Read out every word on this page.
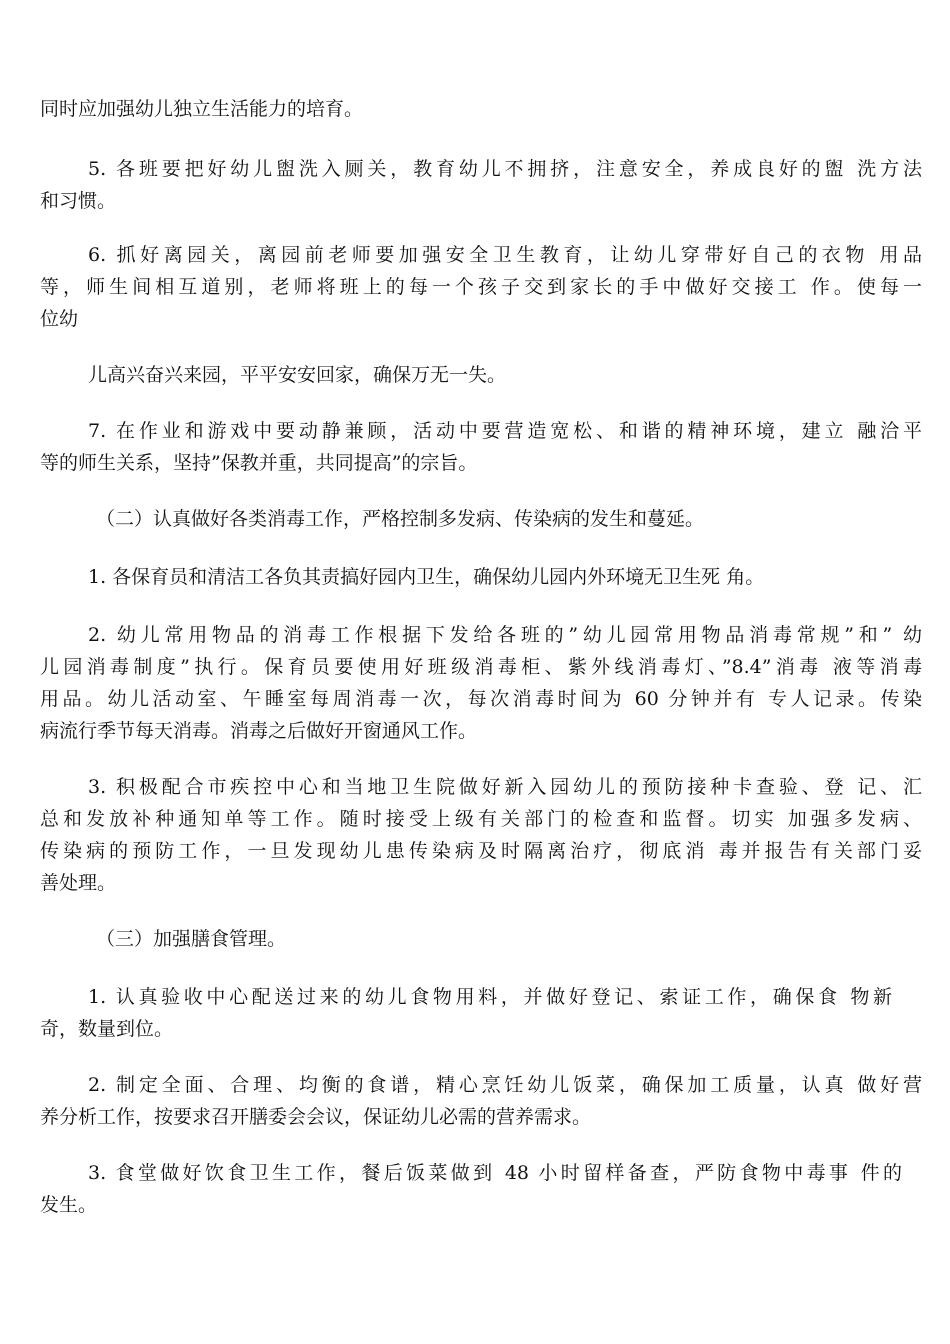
同时应加强幼儿独立生活能力的培育。
5. 各班要把好幼儿盥洗入厕关，教育幼儿不拥挤，注意安全，养成良好的盥 洗方法
和习惯。
6. 抓好离园关，离园前老师要加强安全卫生教育，让幼儿穿带好自己的衣物 用品
等，师生间相互道别，老师将班上的每一个孩子交到家长的手中做好交接工 作。使每一
位幼
儿高兴奋兴来园，平平安安回家，确保万无一失。
7. 在作业和游戏中要动静兼顾，活动中要营造宽松、和谐的精神环境，建立 融洽平
等的师生关系，坚持”保教并重，共同提高”的宗旨。
（二）认真做好各类消毒工作，严格控制多发病、传染病的发生和蔓延。
1. 各保育员和清洁工各负其责搞好园内卫生，确保幼儿园内外环境无卫生死 角。
2. 幼儿常用物品的消毒工作根据下发给各班的”幼儿园常用物品消毒常规”和” 幼
儿园消毒制度”执行。保育员要使用好班级消毒柜、紫外线消毒灯、”8.4”消毒 液等消毒
用品。幼儿活动室、午睡室每周消毒一次，每次消毒时间为 60 分钟并有 专人记录。传染
病流行季节每天消毒。消毒之后做好开窗通风工作。
3. 积极配合市疾控中心和当地卫生院做好新入园幼儿的预防接种卡查验、登 记、汇
总和发放补种通知单等工作。随时接受上级有关部门的检查和监督。切实 加强多发病、
传染病的预防工作，一旦发现幼儿患传染病及时隔离治疗，彻底消 毒并报告有关部门妥
善处理。
（三）加强膳食管理。
1. 认真验收中心配送过来的幼儿食物用料，并做好登记、索证工作，确保食 物新
奇，数量到位。
2. 制定全面、合理、均衡的食谱，精心烹饪幼儿饭菜，确保加工质量，认真 做好营
养分析工作，按要求召开膳委会会议，保证幼儿必需的营养需求。
3. 食堂做好饮食卫生工作，餐后饭菜做到 48 小时留样备查，严防食物中毒事 件的
发生。
